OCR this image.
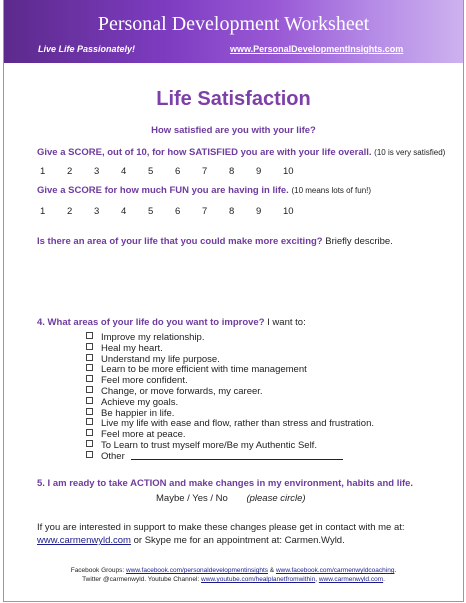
Personal Development Worksheet
Live Life Passionately!	www.PersonalDevelopmentInsights.com
Life Satisfaction
How satisfied are you with your life?
Give a SCORE, out of 10, for how SATISFIED you are with your life overall. (10 is very satisfied)
1 2 3 4 5 6 7 8 9 10
Give a SCORE for how much FUN you are having in life. (10 means lots of fun!)
1 2 3 4 5 6 7 8 9 10
Is there an area of your life that you could make more exciting? Briefly describe.
4. What areas of your life do you want to improve? I want to:
Improve my relationship.
Heal my heart.
Understand my life purpose.
Learn to be more efficient with time management
Feel more confident.
Change, or move forwards, my career.
Achieve my goals.
Be happier in life.
Live my life with ease and flow, rather than stress and frustration.
Feel more at peace.
To Learn to trust myself more/Be my Authentic Self.
Other
5. I am ready to take ACTION and make changes in my environment, habits and life.
Maybe / Yes / No (please circle)
If you are interested in support to make these changes please get in contact with me at:
www.carmenwyld.com or Skype me for an appointment at: Carmen.Wyld.
Facebook Groups: www.facebook.com/personaldevelopmentinsights & www.facebook.com/carmenwyldcoaching.
Twitter @carmenwyld. Youtube Channel: www.youtube.com/healplanetfromwithin, www.carmenwyld.com.
